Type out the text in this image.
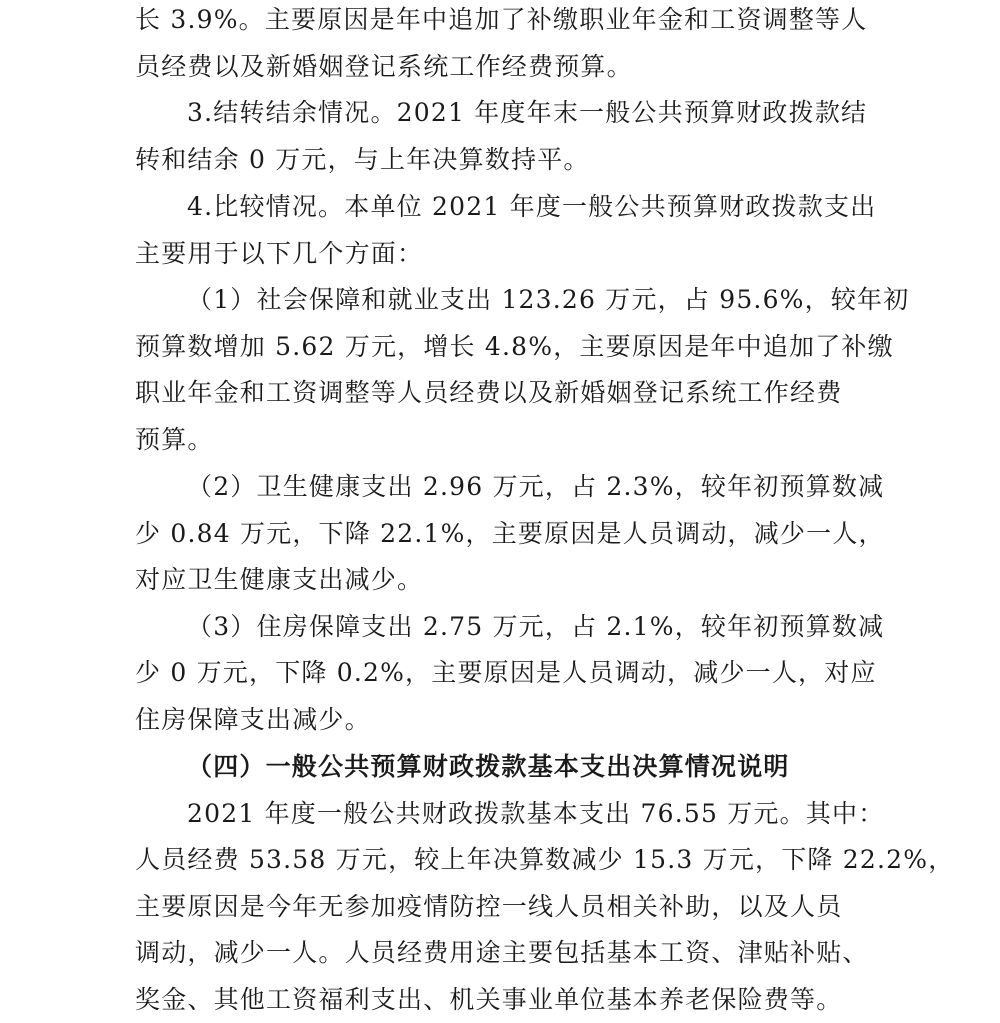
长 3.9%。主要原因是年中追加了补缴职业年金和工资调整等人
员经费以及新婚姻登记系统工作经费预算。
3.结转结余情况。2021 年度年末一般公共预算财政拨款结
转和结余 0 万元，与上年决算数持平。
4.比较情况。本单位 2021 年度一般公共预算财政拨款支出
主要用于以下几个方面：
（1）社会保障和就业支出 123.26 万元，占 95.6%，较年初
预算数增加 5.62 万元，增长 4.8%，主要原因是年中追加了补缴
职业年金和工资调整等人员经费以及新婚姻登记系统工作经费
预算。
（2）卫生健康支出 2.96 万元，占 2.3%，较年初预算数减
少 0.84 万元，下降 22.1%，主要原因是人员调动，减少一人，
对应卫生健康支出减少。
（3）住房保障支出 2.75 万元，占 2.1%，较年初预算数减
少 0 万元，下降 0.2%，主要原因是人员调动，减少一人，对应
住房保障支出减少。
（四）一般公共预算财政拨款基本支出决算情况说明
2021 年度一般公共财政拨款基本支出 76.55 万元。其中：
人员经费 53.58 万元，较上年决算数减少 15.3 万元，下降 22.2%，
主要原因是今年无参加疫情防控一线人员相关补助，以及人员
调动，减少一人。人员经费用途主要包括基本工资、津贴补贴、
奖金、其他工资福利支出、机关事业单位基本养老保险费等。
